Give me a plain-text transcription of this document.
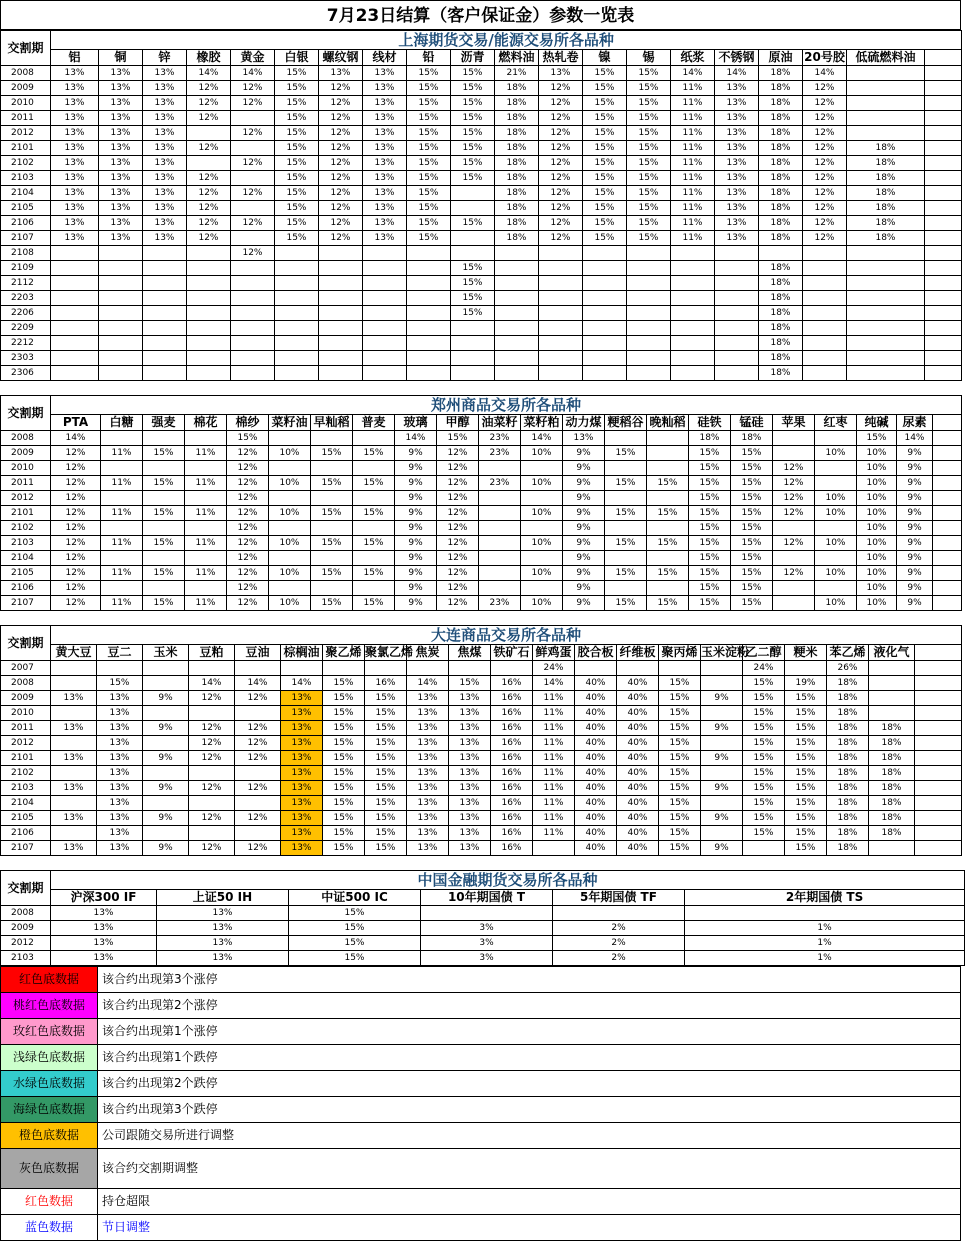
7月23日结算（客户保证金）参数一览表
交割期	上海期货交易/能源交易所各品种																			
	铝	铜	锌	橡胶	黄金	白银	螺纹钢	线材	铅	沥青	燃料油	热轧卷	镍	锡	纸浆	不锈钢	原油	20号胶	低硫燃料油	
2008	13%	13%	13%	14%	14%	15%	13%	13%	15%	15%	21%	13%	15%	15%	14%	14%	18%	14%		
2009	13%	13%	13%	12%	12%	15%	12%	13%	15%	15%	18%	12%	15%	15%	11%	13%	18%	12%		
2010	13%	13%	13%	12%	12%	15%	12%	13%	15%	15%	18%	12%	15%	15%	11%	13%	18%	12%		
2011	13%	13%	13%	12%		15%	12%	13%	15%	15%	18%	12%	15%	15%	11%	13%	18%	12%		
2012	13%	13%	13%		12%	15%	12%	13%	15%	15%	18%	12%	15%	15%	11%	13%	18%	12%		
2101	13%	13%	13%	12%		15%	12%	13%	15%	15%	18%	12%	15%	15%	11%	13%	18%	12%	18%	
2102	13%	13%	13%		12%	15%	12%	13%	15%	15%	18%	12%	15%	15%	11%	13%	18%	12%	18%	
2103	13%	13%	13%	12%		15%	12%	13%	15%	15%	18%	12%	15%	15%	11%	13%	18%	12%	18%	
2104	13%	13%	13%	12%	12%	15%	12%	13%	15%		18%	12%	15%	15%	11%	13%	18%	12%	18%	
2105	13%	13%	13%	12%		15%	12%	13%	15%		18%	12%	15%	15%	11%	13%	18%	12%	18%	
2106	13%	13%	13%	12%	12%	15%	12%	13%	15%	15%	18%	12%	15%	15%	11%	13%	18%	12%	18%	
2107	13%	13%	13%	12%		15%	12%	13%	15%		18%	12%	15%	15%	11%	13%	18%	12%	18%	
2108					12%															
2109										15%							18%			
2112										15%							18%			
2203										15%							18%			
2206										15%							18%			
2209																	18%			
2212																	18%			
2303																	18%			
2306																	18%			
交割期	郑州商品交易所各品种																					
	PTA	白糖	强麦	棉花	棉纱	菜籽油	早籼稻	普麦	玻璃	甲醇	油菜籽	菜籽粕	动力煤	粳稻谷	晚籼稻	硅铁	锰硅	苹果	红枣	纯碱	尿素	
2008	14%				15%				14%	15%	23%	14%	13%			18%	18%			15%	14%	
2009	12%	11%	15%	11%	12%	10%	15%	15%	9%	12%	23%	10%	9%	15%		15%	15%		10%	10%	9%	
2010	12%				12%				9%	12%			9%			15%	15%	12%		10%	9%	
2011	12%	11%	15%	11%	12%	10%	15%	15%	9%	12%	23%	10%	9%	15%	15%	15%	15%	12%		10%	9%	
2012	12%				12%				9%	12%			9%			15%	15%	12%	10%	10%	9%	
2101	12%	11%	15%	11%	12%	10%	15%	15%	9%	12%		10%	9%	15%	15%	15%	15%	12%	10%	10%	9%	
2102	12%				12%				9%	12%			9%			15%	15%			10%	9%	
2103	12%	11%	15%	11%	12%	10%	15%	15%	9%	12%		10%	9%	15%	15%	15%	15%	12%	10%	10%	9%	
2104	12%				12%				9%	12%			9%			15%	15%			10%	9%	
2105	12%	11%	15%	11%	12%	10%	15%	15%	9%	12%		10%	9%	15%	15%	15%	15%	12%	10%	10%	9%	
2106	12%				12%				9%	12%			9%			15%	15%			10%	9%	
2107	12%	11%	15%	11%	12%	10%	15%	15%	9%	12%	23%	10%	9%	15%	15%	15%	15%		10%	10%	9%	
交割期	大连商品交易所各品种																				
	黄大豆	豆二	玉米	豆粕	豆油	棕榈油	聚乙烯	聚氯乙烯	焦炭	焦煤	铁矿石	鲜鸡蛋	胶合板	纤维板	聚丙烯	玉米淀粉	乙二醇	粳米	苯乙烯	液化气	
2007												24%					24%		26%		
2008		15%		14%	14%	14%	15%	16%	14%	15%	16%	14%	40%	40%	15%		15%	19%	18%		
2009	13%	13%	9%	12%	12%	13%	15%	15%	13%	13%	16%	11%	40%	40%	15%	9%	15%	15%	18%		
2010		13%				13%	15%	15%	13%	13%	16%	11%	40%	40%	15%		15%	15%	18%		
2011	13%	13%	9%	12%	12%	13%	15%	15%	13%	13%	16%	11%	40%	40%	15%	9%	15%	15%	18%	18%	
2012		13%		12%	12%	13%	15%	15%	13%	13%	16%	11%	40%	40%	15%		15%	15%	18%	18%	
2101	13%	13%	9%	12%	12%	13%	15%	15%	13%	13%	16%	11%	40%	40%	15%	9%	15%	15%	18%	18%	
2102		13%				13%	15%	15%	13%	13%	16%	11%	40%	40%	15%		15%	15%	18%	18%	
2103	13%	13%	9%	12%	12%	13%	15%	15%	13%	13%	16%	11%	40%	40%	15%	9%	15%	15%	18%	18%	
2104		13%				13%	15%	15%	13%	13%	16%	11%	40%	40%	15%		15%	15%	18%	18%	
2105	13%	13%	9%	12%	12%	13%	15%	15%	13%	13%	16%	11%	40%	40%	15%	9%	15%	15%	18%	18%	
2106		13%				13%	15%	15%	13%	13%	16%	11%	40%	40%	15%		15%	15%	18%	18%	
2107	13%	13%	9%	12%	12%	13%	15%	15%	13%	13%	16%		40%	40%	15%	9%		15%	18%		
交割期	中国金融期货交易所各品种					
	沪深300 IF	上证50 IH	中证500 IC	10年期国债 T	5年期国债 TF	2年期国债 TS
2008	13%	13%	15%			
2009	13%	13%	15%	3%	2%	1%
2012	13%	13%	15%	3%	2%	1%
2103	13%	13%	15%	3%	2%	1%
红色底数据	该合约出现第3个涨停
桃红色底数据	该合约出现第2个涨停
玫红色底数据	该合约出现第1个涨停
浅绿色底数据	该合约出现第1个跌停
水绿色底数据	该合约出现第2个跌停
海绿色底数据	该合约出现第3个跌停
橙色底数据	公司跟随交易所进行调整
灰色底数据	该合约交割期调整
红色数据	持仓超限
蓝色数据	节日调整
